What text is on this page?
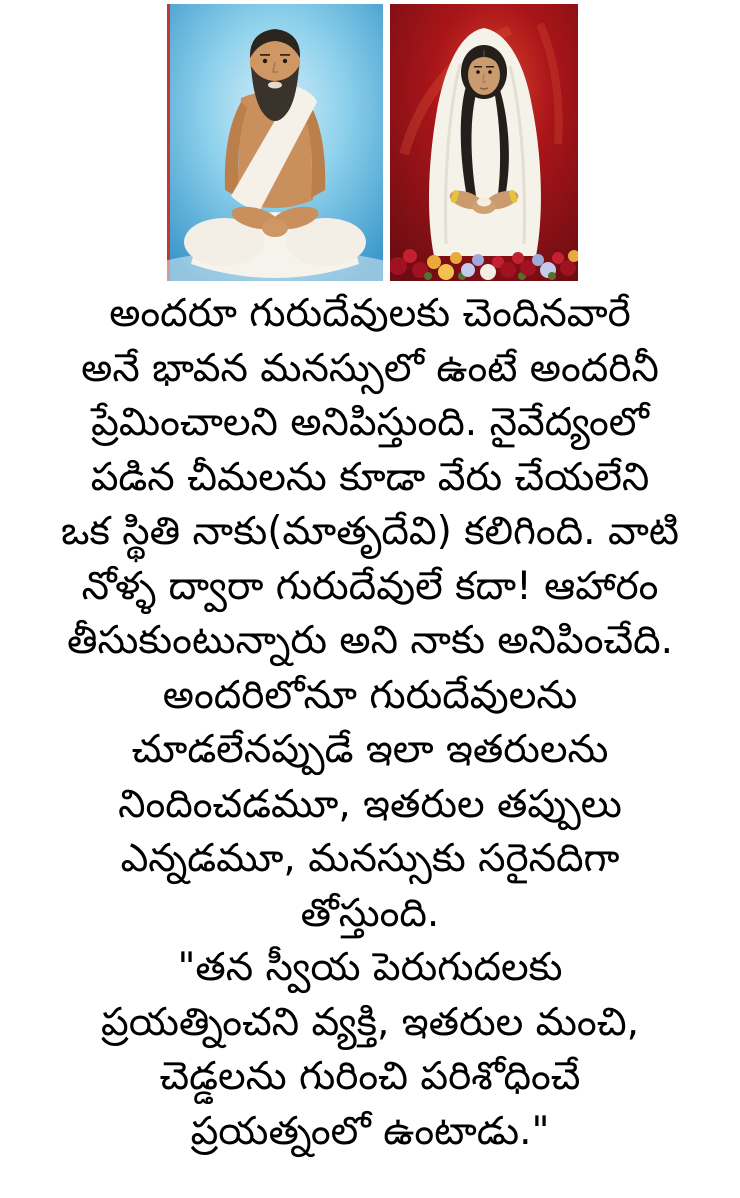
అందరూ గురుదేవులకు చెందినవారే
అనే భావన మనస్సులో ఉంటే అందరినీ
ప్రేమించాలని అనిపిస్తుంది. నైవేద్యంలో
పడిన చీమలను కూడా వేరు చేయలేని
ఒక స్థితి నాకు(మాతృదేవి) కలిగింది. వాటి
నోళ్ళ ద్వారా గురుదేవులే కదా! ఆహారం
తీసుకుంటున్నారు అని నాకు అనిపించేది.
అందరిలోనూ గురుదేవులను
చూడలేనప్పుడే ఇలా ఇతరులను
నిందించడమూ, ఇతరుల తప్పులు
ఎన్నడమూ, మనస్సుకు సరైనదిగా
తోస్తుంది.
"తన స్వీయ పెరుగుదలకు
ప్రయత్నించని వ్యక్తి, ఇతరుల మంచి,
చెడ్డలను గురించి పరిశోధించే
ప్రయత్నంలో ఉంటాడు."
